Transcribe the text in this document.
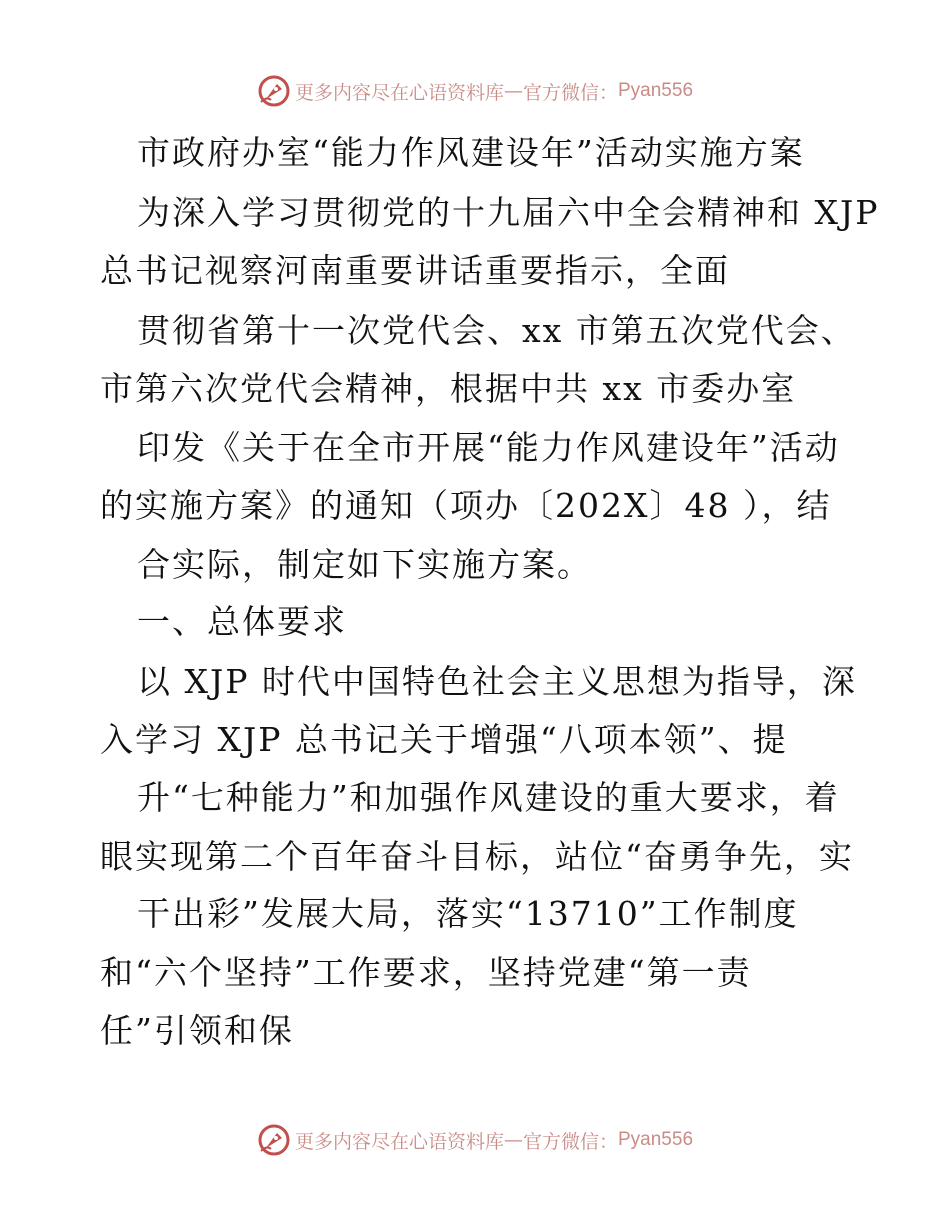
更多内容尽在心语资料库 — 官方微信： Pyan556
市政府办室“能力作风建设年”活动实施方案
为深入学习贯彻党的十九届六中全会精神和 XJP
总书记视察河南重要讲话重要指示，全面
贯彻省第十一次党代会、xx 市第五次党代会、
市第六次党代会精神，根据中共 xx 市委办室
印发《关于在全市开展“能力作风建设年”活动
的实施方案》的通知（项办〔202X〕48 ），结
合实际，制定如下实施方案。
一、总体要求
以 XJP 时代中国特色社会主义思想为指导，深
入学习 XJP 总书记关于增强“八项本领”、提
升“七种能力”和加强作风建设的重大要求，着
眼实现第二个百年奋斗目标，站位“奋勇争先，实
干出彩”发展大局，落实“13710”工作制度
和“六个坚持”工作要求，坚持党建“第一责
任”引领和保
更多内容尽在心语资料库 — 官方微信： Pyan556
